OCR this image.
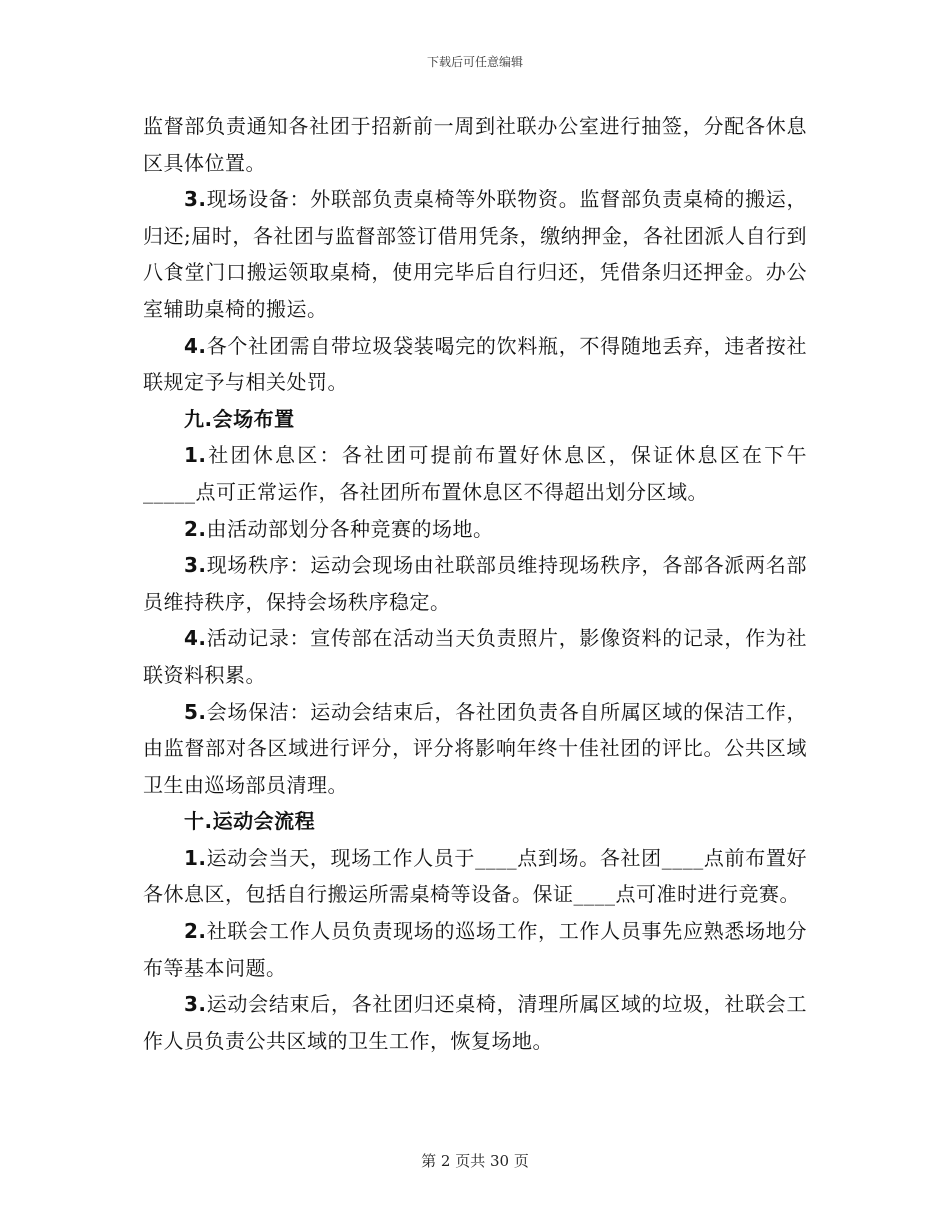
下载后可任意编辑

监督部负责通知各社团于招新前一周到社联办公室进行抽签，分配各休息区具体位置。

3.现场设备：外联部负责桌椅等外联物资。监督部负责桌椅的搬运，归还;届时，各社团与监督部签订借用凭条，缴纳押金，各社团派人自行到八食堂门口搬运领取桌椅，使用完毕后自行归还，凭借条归还押金。办公室辅助桌椅的搬运。

4.各个社团需自带垃圾袋装喝完的饮料瓶，不得随地丢弃，违者按社联规定予与相关处罚。

九.会场布置

1.社团休息区：各社团可提前布置好休息区，保证休息区在下午_____点可正常运作，各社团所布置休息区不得超出划分区域。

2.由活动部划分各种竞赛的场地。

3.现场秩序：运动会现场由社联部员维持现场秩序，各部各派两名部员维持秩序，保持会场秩序稳定。

4.活动记录：宣传部在活动当天负责照片，影像资料的记录，作为社联资料积累。

5.会场保洁：运动会结束后，各社团负责各自所属区域的保洁工作，由监督部对各区域进行评分，评分将影响年终十佳社团的评比。公共区域卫生由巡场部员清理。

十.运动会流程

1.运动会当天，现场工作人员于____点到场。各社团____点前布置好各休息区，包括自行搬运所需桌椅等设备。保证____点可准时进行竞赛。

2.社联会工作人员负责现场的巡场工作，工作人员事先应熟悉场地分布等基本问题。

3.运动会结束后，各社团归还桌椅，清理所属区域的垃圾，社联会工作人员负责公共区域的卫生工作，恢复场地。

第 2 页共 30 页
